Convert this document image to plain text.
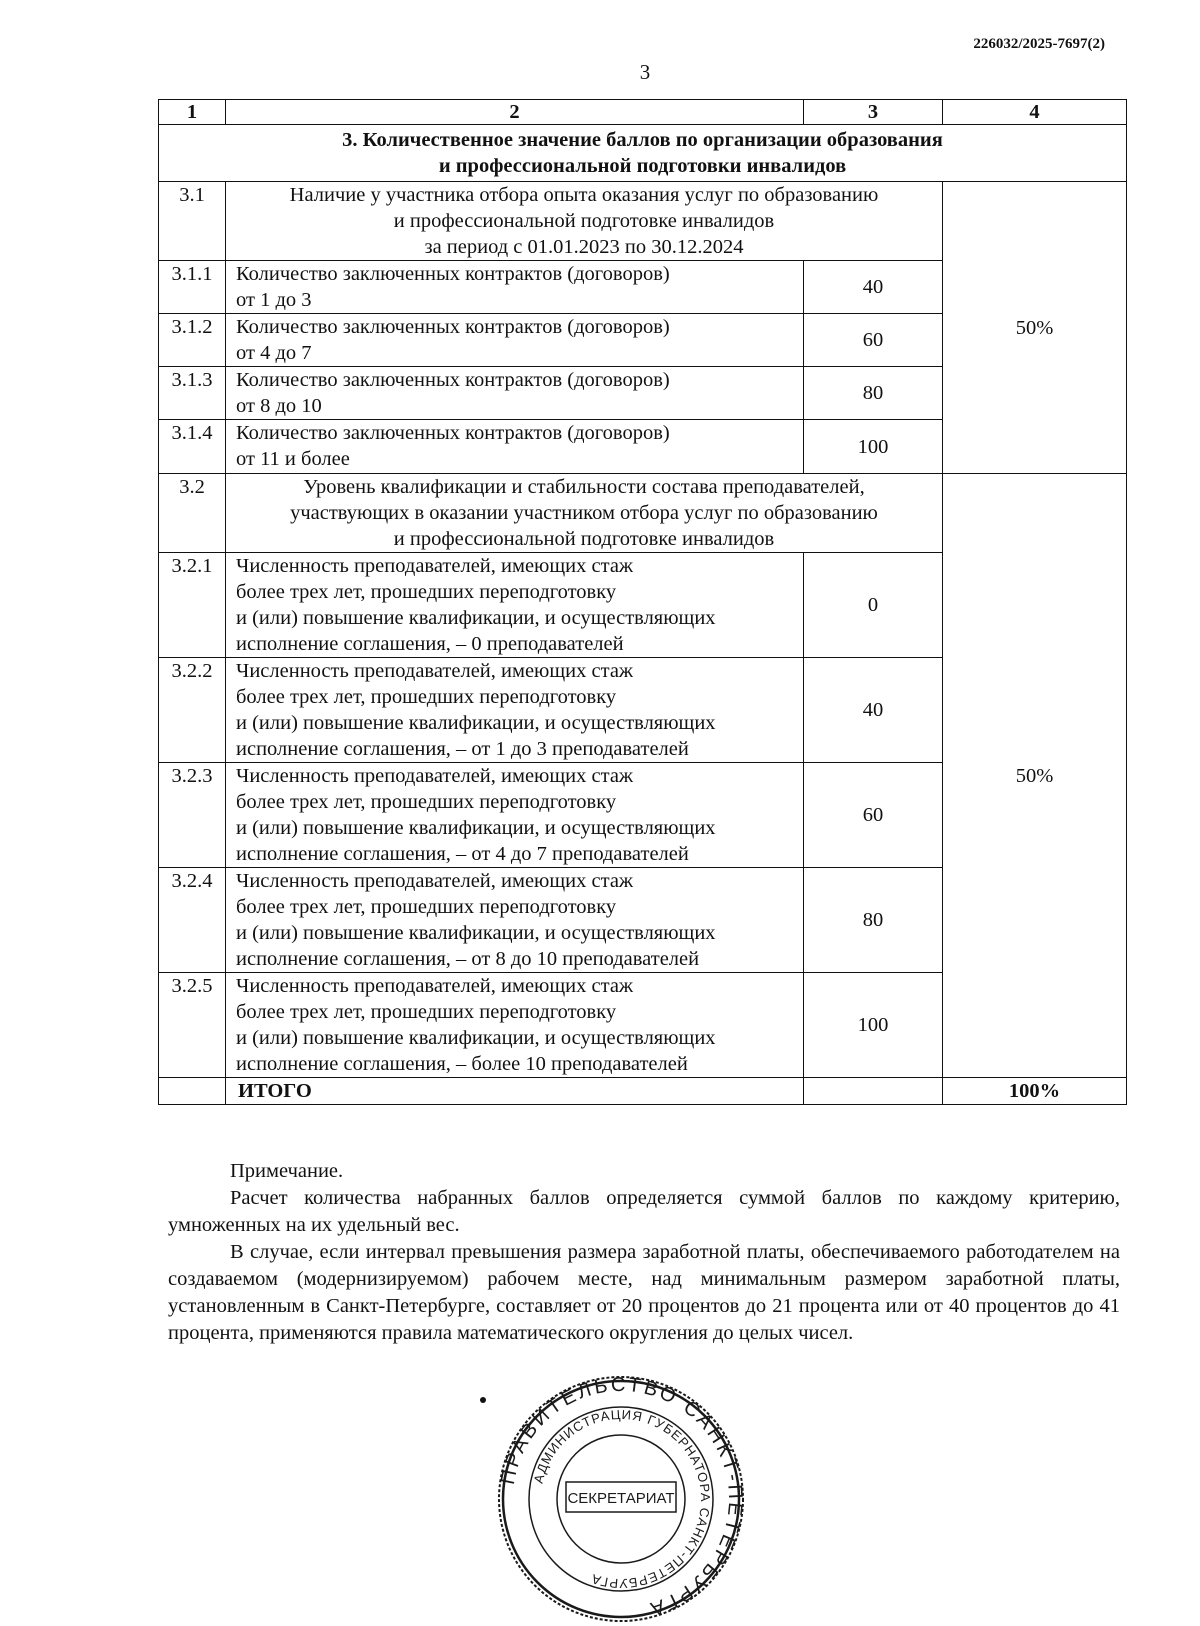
226032/2025-7697(2)
3
1	2	3	4
3. Количественное значение баллов по организации образования
и профессиональной подготовки инвалидов			
3.1	Наличие у участника отбора опыта оказания услуг по образованию
и профессиональной подготовке инвалидов
за период с 01.01.2023 по 30.12.2024		50%
3.1.1	Количество заключенных контрактов (договоров)
от 1 до 3	40	
3.1.2	Количество заключенных контрактов (договоров)
от 4 до 7	60	
3.1.3	Количество заключенных контрактов (договоров)
от 8 до 10	80	
3.1.4	Количество заключенных контрактов (договоров)
от 11 и более	100	
3.2	Уровень квалификации и стабильности состава преподавателей,
участвующих в оказании участником отбора услуг по образованию
и профессиональной подготовке инвалидов		50%
3.2.1	Численность преподавателей, имеющих стаж
более трех лет, прошедших переподготовку
и (или) повышение квалификации, и осуществляющих
исполнение соглашения, – 0 преподавателей	0	
3.2.2	Численность преподавателей, имеющих стаж
более трех лет, прошедших переподготовку
и (или) повышение квалификации, и осуществляющих
исполнение соглашения, – от 1 до 3 преподавателей	40	
3.2.3	Численность преподавателей, имеющих стаж
более трех лет, прошедших переподготовку
и (или) повышение квалификации, и осуществляющих
исполнение соглашения, – от 4 до 7 преподавателей	60	
3.2.4	Численность преподавателей, имеющих стаж
более трех лет, прошедших переподготовку
и (или) повышение квалификации, и осуществляющих
исполнение соглашения, – от 8 до 10 преподавателей	80	
3.2.5	Численность преподавателей, имеющих стаж
более трех лет, прошедших переподготовку
и (или) повышение квалификации, и осуществляющих
исполнение соглашения, – более 10 преподавателей	100	
	ИТОГО		100%

Примечание.

Расчет количества набранных баллов определяется суммой баллов по каждому критерию, умноженных на их удельный вес.

В случае, если интервал превышения размера заработной платы, обеспечиваемого работодателем на создаваемом (модернизируемом) рабочем месте, над минимальным размером заработной платы, установленным в Санкт-Петербурге, составляет от 20 процентов до 21 процента или от 40 процентов до 41 процента, применяются правила математического округления до целых чисел.

ПРАВИТЕЛЬСТВО САНКТ-ПЕТЕРБУРГА
АДМИНИСТРАЦИЯ ГУБЕРНАТОРА САНКТ-ПЕТЕРБУРГА
СЕКРЕТАРИАТ
